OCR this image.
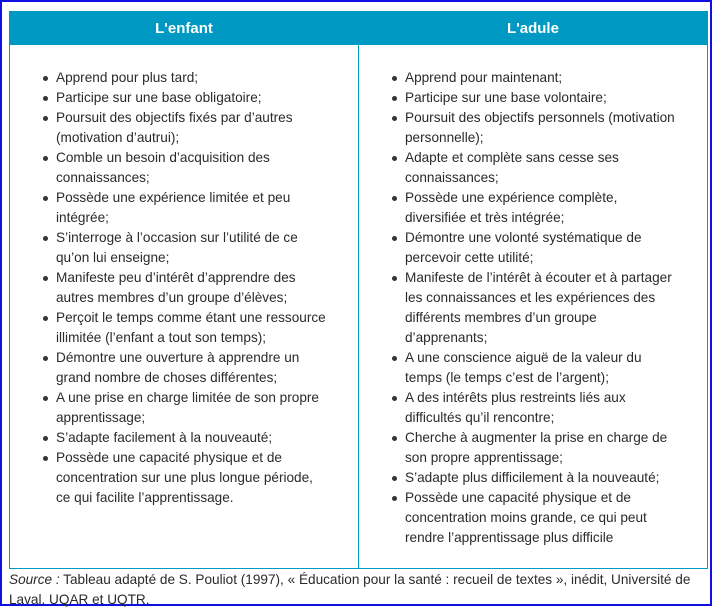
L'enfant	L'adule
Apprend pour plus tard;
Participe sur une base obligatoire;
Poursuit des objectifs fixés par d’autres (motivation d’autrui);
Comble un besoin d’acquisition des connaissances;
Possède une expérience limitée et peu intégrée;
S’interroge à l’occasion sur l’utilité de ce qu’on lui enseigne;
Manifeste peu d’intérêt d’apprendre des autres membres d’un groupe d’élèves;
Perçoit le temps comme étant une ressource illimitée (l’enfant a tout son temps);
Démontre une ouverture à apprendre un grand nombre de choses différentes;
A une prise en charge limitée de son propre apprentissage;
S’adapte facilement à la nouveauté;
Possède une capacité physique et de concentration sur une plus longue période, ce qui facilite l’apprentissage.
Apprend pour maintenant;
Participe sur une base volontaire;
Poursuit des objectifs personnels (motivation personnelle);
Adapte et complète sans cesse ses connaissances;
Possède une expérience complète, diversifiée et très intégrée;
Démontre une volonté systématique de percevoir cette utilité;
Manifeste de l’intérêt à écouter et à partager les connaissances et les expériences des différents membres d’un groupe d’apprenants;
A une conscience aiguë de la valeur du temps (le temps c’est de l’argent);
A des intérêts plus restreints liés aux difficultés qu’il rencontre;
Cherche à augmenter la prise en charge de son propre apprentissage;
S’adapte plus difficilement à la nouveauté;
Possède une capacité physique et de concentration moins grande, ce qui peut rendre l’apprentissage plus difficile
Source : Tableau adapté de S. Pouliot (1997), « Éducation pour la santé : recueil de textes », inédit, Université de Laval, UQAR et UQTR.
